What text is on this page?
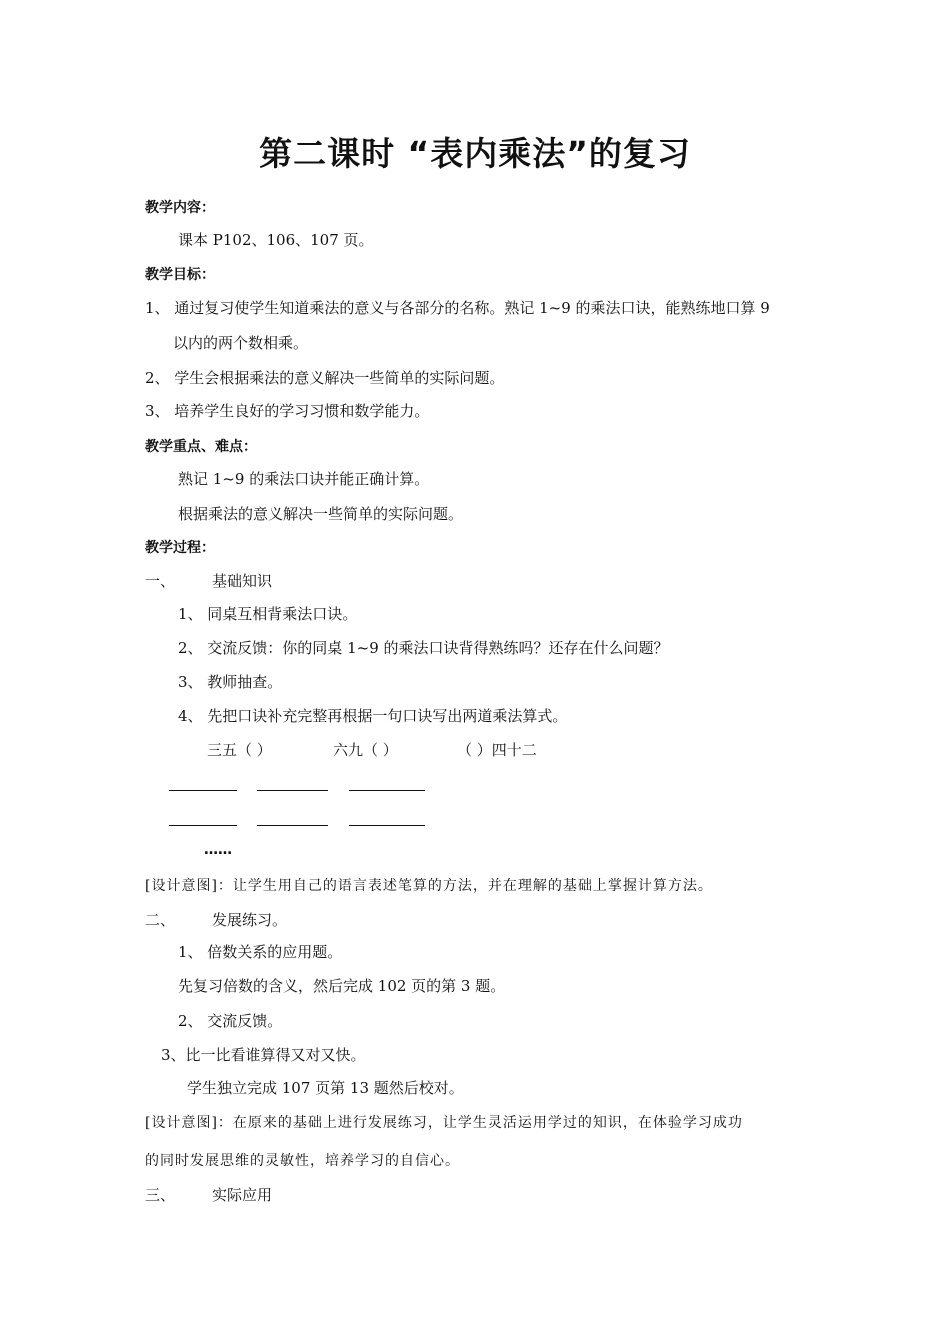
第二课时 “表内乘法”的复习
教学内容：
课本 P102、106、107 页。
教学目标：
1、 通过复习使学生知道乘法的意义与各部分的名称。熟记 1~9 的乘法口诀，能熟练地口算 9
以内的两个数相乘。
2、 学生会根据乘法的意义解决一些简单的实际问题。
3、 培养学生良好的学习习惯和数学能力。
教学重点、难点：
熟记 1~9 的乘法口诀并能正确计算。
根据乘法的意义解决一些简单的实际问题。
教学过程：
一、 基础知识
1、 同桌互相背乘法口诀。
2、 交流反馈：你的同桌 1~9 的乘法口诀背得熟练吗？还存在什么问题？
3、 教师抽查。
4、 先把口诀补充完整再根据一句口诀写出两道乘法算式。
三五（ ）	六九（ ）	（ ）四十二
……
[设计意图]：让学生用自己的语言表述笔算的方法，并在理解的基础上掌握计算方法。
二、 发展练习。
1、 倍数关系的应用题。
先复习倍数的含义，然后完成 102 页的第 3 题。
2、 交流反馈。
3、比一比看谁算得又对又快。
学生独立完成 107 页第 13 题然后校对。
[设计意图]：在原来的基础上进行发展练习，让学生灵活运用学过的知识，在体验学习成功
的同时发展思维的灵敏性，培养学习的自信心。
三、 实际应用
